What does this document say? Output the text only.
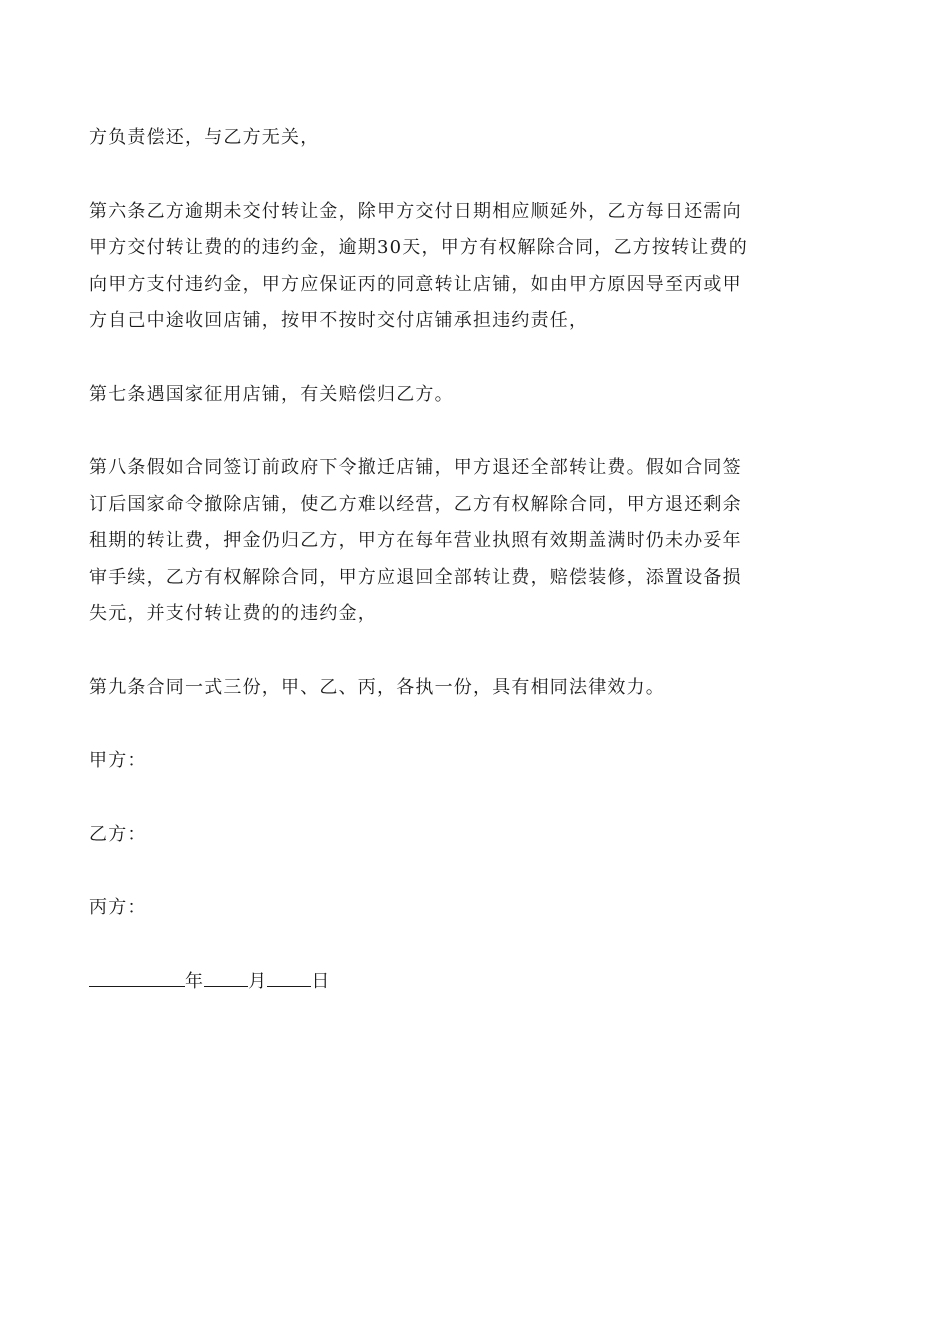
方负责偿还，与乙方无关，

第六条乙方逾期未交付转让金，除甲方交付日期相应顺延外，乙方每日还需向
甲方交付转让费的的违约金，逾期30天，甲方有权解除合同，乙方按转让费的
向甲方支付违约金，甲方应保证丙的同意转让店铺，如由甲方原因导至丙或甲
方自己中途收回店铺，按甲不按时交付店铺承担违约责任，

第七条遇国家征用店铺，有关赔偿归乙方。

第八条假如合同签订前政府下令撤迁店铺，甲方退还全部转让费。假如合同签
订后国家命令撤除店铺，使乙方难以经营，乙方有权解除合同，甲方退还剩余
租期的转让费，押金仍归乙方，甲方在每年营业执照有效期盖满时仍未办妥年
审手续，乙方有权解除合同，甲方应退回全部转让费，赔偿装修，添置设备损
失元，并支付转让费的的违约金，

第九条合同一式三份，甲、乙、丙，各执一份，具有相同法律效力。

甲方：

乙方：

丙方：

年 月 日
